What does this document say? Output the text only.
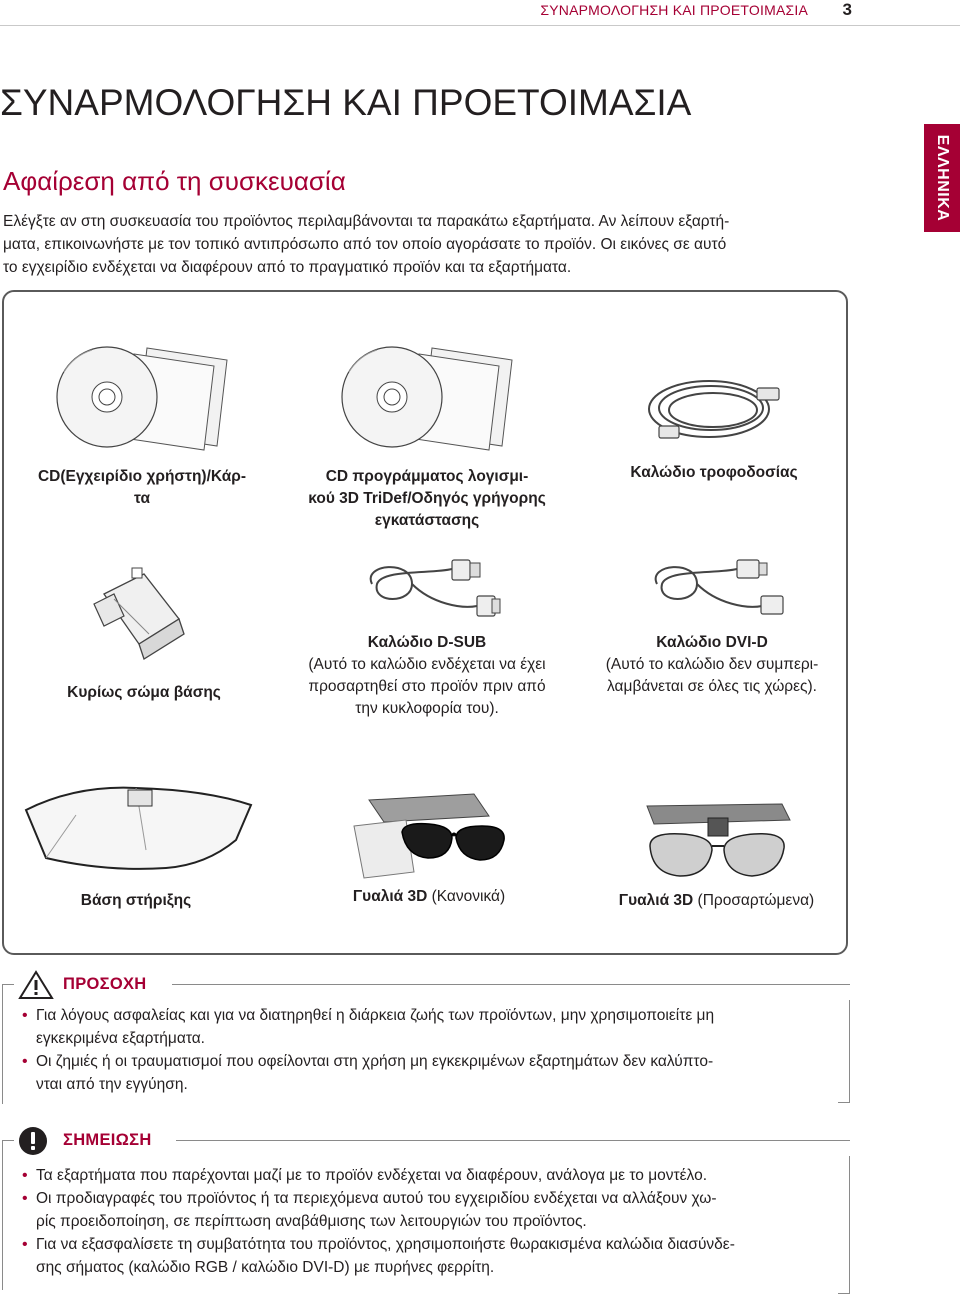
ΣΥΝΑΡΜΟΛΟΓΗΣΗ ΚΑΙ ΠΡΟΕΤΟΙΜΑΣΙΑ 3
ΕΛΛΗΝΙΚΑ
ΣΥΝΑΡΜΟΛΟΓΗΣΗ ΚΑΙ ΠΡΟΕΤΟΙΜΑΣΙΑ
Αφαίρεση από τη συσκευασία
Ελέγξτε αν στη συσκευασία του προϊόντος περιλαμβάνονται τα παρακάτω εξαρτήματα. Αν λείπουν εξαρτή-
ματα, επικοινωνήστε με τον τοπικό αντιπρόσωπο από τον οποίο αγοράσατε το προϊόν. Οι εικόνες σε αυτό
το εγχειρίδιο ενδέχεται να διαφέρουν από το πραγματικό προϊόν και τα εξαρτήματα.
CD(Εγχειρίδιο χρήστη)/Κάρ-
τα
CD προγράμματος λογισμι-
κού 3D TriDef/Οδηγός γρήγορης
εγκατάστασης
Καλώδιο τροφοδοσίας
Κυρίως σώμα βάσης
Καλώδιο D-SUB
(Αυτό το καλώδιο ενδέχεται να έχει
προσαρτηθεί στο προϊόν πριν από
την κυκλοφορία του).
Καλώδιο DVI-D
(Αυτό το καλώδιο δεν συμπερι-
λαμβάνεται σε όλες τις χώρες).
Βάση στήριξης	Γυαλιά 3D (Κανονικά)	Γυαλιά 3D (Προσαρτώμενα)
ΠΡΟΣΟΧΗ
• Για λόγους ασφαλείας και για να διατηρηθεί η διάρκεια ζωής των προϊόντων, μην χρησιμοποιείτε μη
εγκεκριμένα εξαρτήματα.
• Οι ζημιές ή οι τραυματισμοί που οφείλονται στη χρήση μη εγκεκριμένων εξαρτημάτων δεν καλύπτο-
νται από την εγγύηση.
ΣΗΜΕΙΩΣΗ
• Τα εξαρτήματα που παρέχονται μαζί με το προϊόν ενδέχεται να διαφέρουν, ανάλογα με το μοντέλο.
• Οι προδιαγραφές του προϊόντος ή τα περιεχόμενα αυτού του εγχειριδίου ενδέχεται να αλλάξουν χω-
ρίς προειδοποίηση, σε περίπτωση αναβάθμισης των λειτουργιών του προϊόντος.
• Για να εξασφαλίσετε τη συμβατότητα του προϊόντος, χρησιμοποιήστε θωρακισμένα καλώδια διασύνδε-
σης σήματος (καλώδιο RGB / καλώδιο DVI-D) με πυρήνες φερρίτη.
